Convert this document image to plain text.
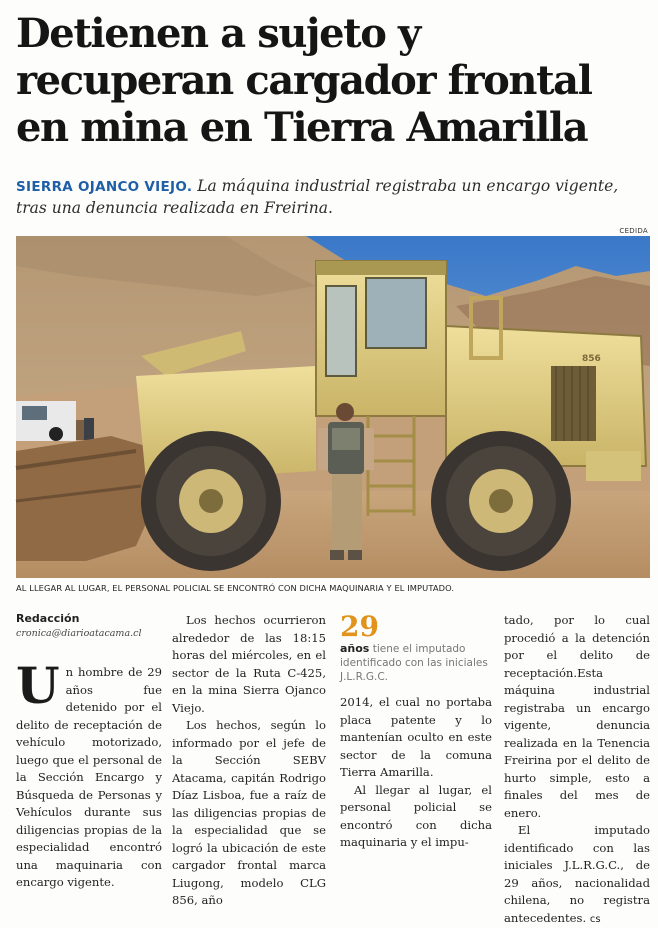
Detienen a sujeto y recuperan cargador frontal en mina en Tierra Amarilla
SIERRA OJANCO VIEJO. La máquina industrial registraba un encargo vigente, tras una denuncia realizada en Freirina.
CEDIDA
856
AL LLEGAR AL LUGAR, EL PERSONAL POLICIAL SE ENCONTRÓ CON DICHA MAQUINARIA Y EL IMPUTADO.
Redacción
cronica@diarioatacama.cl

Un hombre de 29 años fue detenido por el delito de receptación de vehículo motorizado, luego que el personal de la Sección Encargo y Búsqueda de Personas y Vehículos durante sus diligencias propias de la especialidad encontró una maquinaria con encargo vigente.

Los hechos ocurrieron alrededor de las 18:15 horas del miércoles, en el sector de la Ruta C-425, en la mina Sierra Ojanco Viejo.

Los hechos, según lo informado por el jefe de la Sección SEBV Atacama, capitán Rodrigo Díaz Lisboa, fue a raíz de las diligencias propias de la especialidad que se logró la ubicación de este cargador frontal marca Liugong, modelo CLG 856, año

29
años tiene el imputado identificado con las iniciales J.L.R.G.C.

2014, el cual no portaba placa patente y lo mantenían oculto en este sector de la comuna Tierra Amarilla.

Al llegar al lugar, el personal policial se encontró con dicha maquinaria y el impu-

tado, por lo cual procedió a la detención por el delito de receptación.Esta máquina industrial registraba un encargo vigente, denuncia realizada en la Tenencia Freirina por el delito de hurto simple, esto a finales del mes de enero.

El imputado identificado con las iniciales J.L.R.G.C., de 29 años, nacionalidad chilena, no registra antecedentes. cs
